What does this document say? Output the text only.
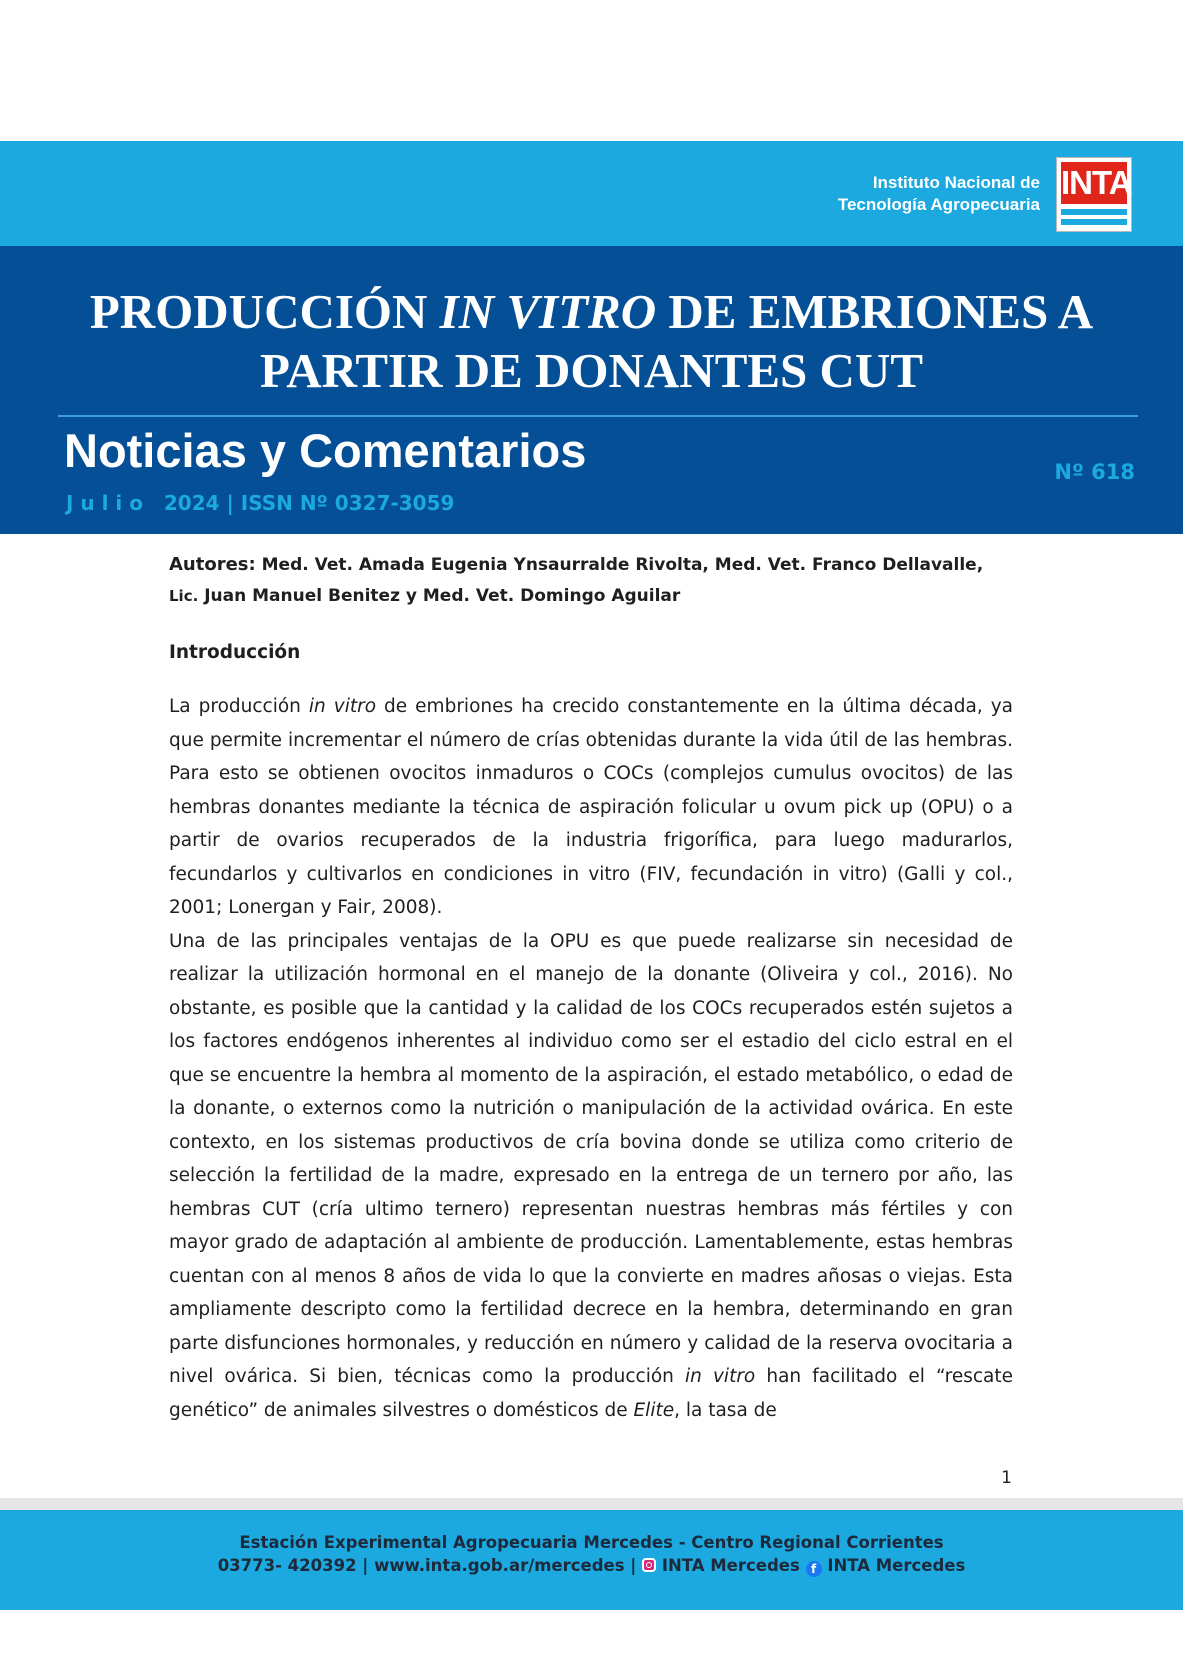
Instituto Nacional de
Tecnología Agropecuaria
INTA
PRODUCCIÓN IN VITRO DE EMBRIONES A PARTIR DE DONANTES CUT
Noticias y Comentarios
J u l i o   2024 | ISSN Nº 0327-3059
Nº 618

Autores: Med. Vet. Amada Eugenia Ynsaurralde Rivolta, Med. Vet. Franco Dellavalle, Lic. Juan Manuel Benitez y Med. Vet. Domingo Aguilar

Introducción

La producción in vitro de embriones ha crecido constantemente en la última década, ya que permite incrementar el número de crías obtenidas durante la vida útil de las hembras. Para esto se obtienen ovocitos inmaduros o COCs (complejos cumulus ovocitos) de las hembras donantes mediante la técnica de aspiración folicular u ovum pick up (OPU) o a partir de ovarios recuperados de la industria frigorífica, para luego madurarlos, fecundarlos y cultivarlos en condiciones in vitro (FIV, fecundación in vitro) (Galli y col., 2001; Lonergan y Fair, 2008).

Una de las principales ventajas de la OPU es que puede realizarse sin necesidad de realizar la utilización hormonal en el manejo de la donante (Oliveira y col., 2016). No obstante, es posible que la cantidad y la calidad de los COCs recuperados estén sujetos a los factores endógenos inherentes al individuo como ser el estadio del ciclo estral en el que se encuentre la hembra al momento de la aspiración, el estado metabólico, o edad de la donante, o externos como la nutrición o manipulación de la actividad ovárica. En este contexto, en los sistemas productivos de cría bovina donde se utiliza como criterio de selección la fertilidad de la madre, expresado en la entrega de un ternero por año, las hembras CUT (cría ultimo ternero) representan nuestras hembras más fértiles y con mayor grado de adaptación al ambiente de producción. Lamentablemente, estas hembras cuentan con al menos 8 años de vida lo que la convierte en madres añosas o viejas. Esta ampliamente descripto como la fertilidad decrece en la hembra, determinando en gran parte disfunciones hormonales, y reducción en número y calidad de la reserva ovocitaria a nivel ovárica. Si bien, técnicas como la producción in vitro han facilitado el “rescate genético” de animales silvestres o domésticos de Elite, la tasa de

1
Estación Experimental Agropecuaria Mercedes - Centro Regional Corrientes
03773- 420392 | www.inta.gob.ar/mercedes |  INTA Mercedes f INTA Mercedes
